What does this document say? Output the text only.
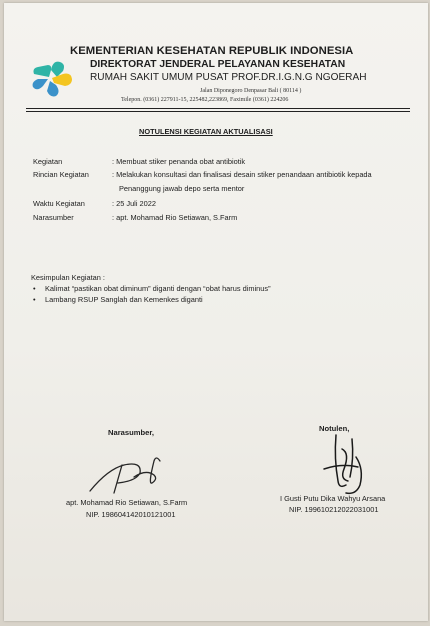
KEMENTERIAN KESEHATAN REPUBLIK INDONESIA
DIREKTORAT JENDERAL PELAYANAN KESEHATAN
RUMAH SAKIT UMUM PUSAT PROF.DR.I.G.N.G NGOERAH
Jalan Diponegoro Denpasar Bali ( 80114 )
Telepon. (0361) 227911-15, 225482,223869, Faximile (0361) 224206
NOTULENSI KEGIATAN AKTUALISASI
Kegiatan	: Membuat stiker penanda obat antibiotik
Rincian Kegiatan	: Melakukan konsultasi dan finalisasi desain stiker penandaan antibiotik kepada
Penanggung jawab depo serta mentor
Waktu Kegiatan	: 25 Juli 2022
Narasumber	: apt. Mohamad Rio Setiawan, S.Farm
Kesimpulan Kegiatan :
• Kalimat “pastikan obat diminum” diganti dengan “obat harus diminus”
• Lambang RSUP Sanglah dan Kemenkes diganti
Narasumber,
apt. Mohamad Rio Setiawan, S.Farm
NIP. 198604142010121001
Notulen,
I Gusti Putu Dika Wahyu Arsana
NIP. 199610212022031001
